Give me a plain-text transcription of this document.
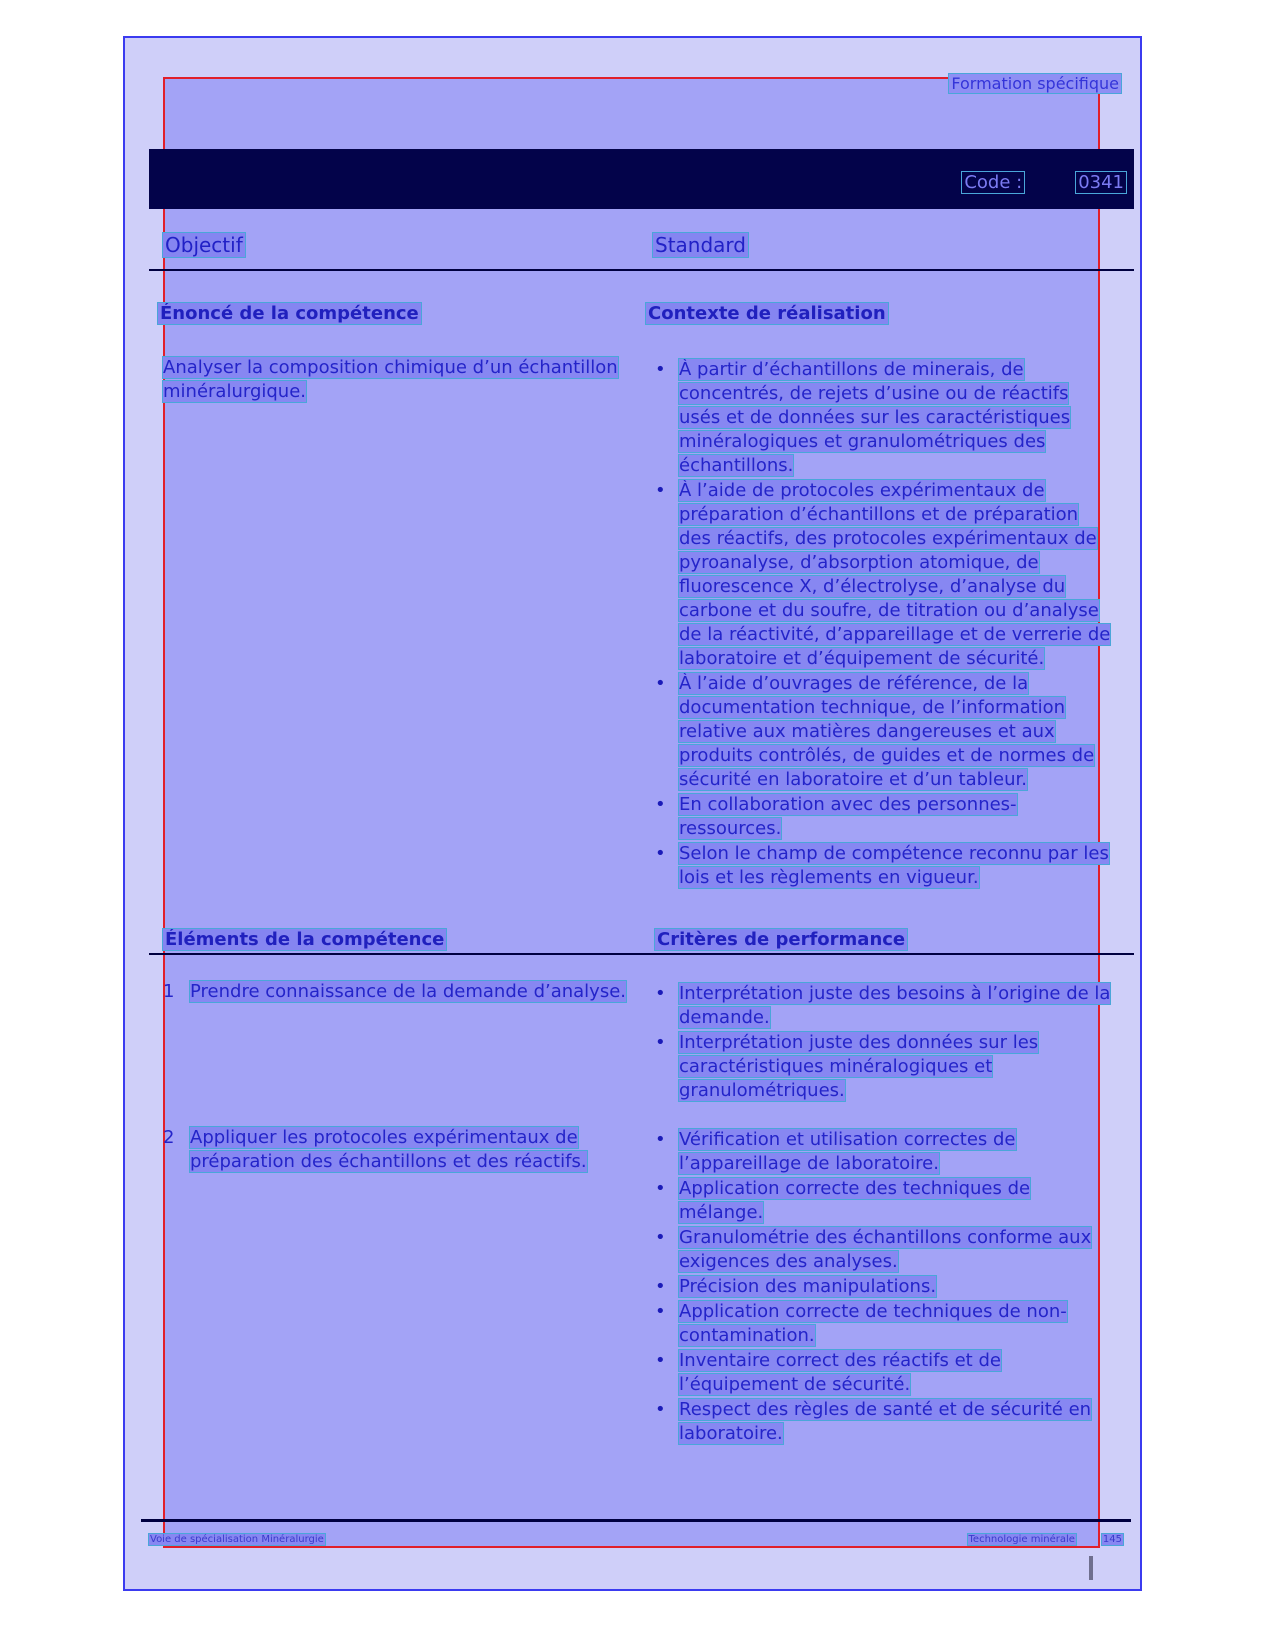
Formation spécifique
Code :	0341
Objectif	Standard
Énoncé de la compétence	Contexte de réalisation
Analyser la composition chimique d’un échantillon minéralurgique.
• À partir d’échantillons de minerais, de concentrés, de rejets d’usine ou de réactifs usés et de données sur les caractéristiques minéralogiques et granulométriques des échantillons.
• À l’aide de protocoles expérimentaux de préparation d’échantillons et de préparation des réactifs, des protocoles expérimentaux de pyroanalyse, d’absorption atomique, de fluorescence X, d’électrolyse, d’analyse du carbone et du soufre, de titration ou d’analyse de la réactivité, d’appareillage et de verrerie de laboratoire et d’équipement de sécurité.
• À l’aide d’ouvrages de référence, de la documentation technique, de l’information relative aux matières dangereuses et aux produits contrôlés, de guides et de normes de sécurité en laboratoire et d’un tableur.
• En collaboration avec des personnes-ressources.
• Selon le champ de compétence reconnu par les lois et les règlements en vigueur.
Éléments de la compétence	Critères de performance
1 Prendre connaissance de la demande d’analyse.
•	Interprétation juste des besoins à l’origine de la demande.
• Interprétation juste des données sur les caractéristiques minéralogiques et granulométriques.
2 Appliquer les protocoles expérimentaux de préparation des échantillons et des réactifs.
• Vérification et utilisation correctes de l’appareillage de laboratoire.
• Application correcte des techniques de mélange.
• Granulométrie des échantillons conforme aux exigences des analyses.
• Précision des manipulations.
• Application correcte de techniques de non-contamination.
• Inventaire correct des réactifs et de l’équipement de sécurité.
• Respect des règles de santé et de sécurité en laboratoire.
Voie de spécialisation Minéralurgie	Technologie minérale	145
